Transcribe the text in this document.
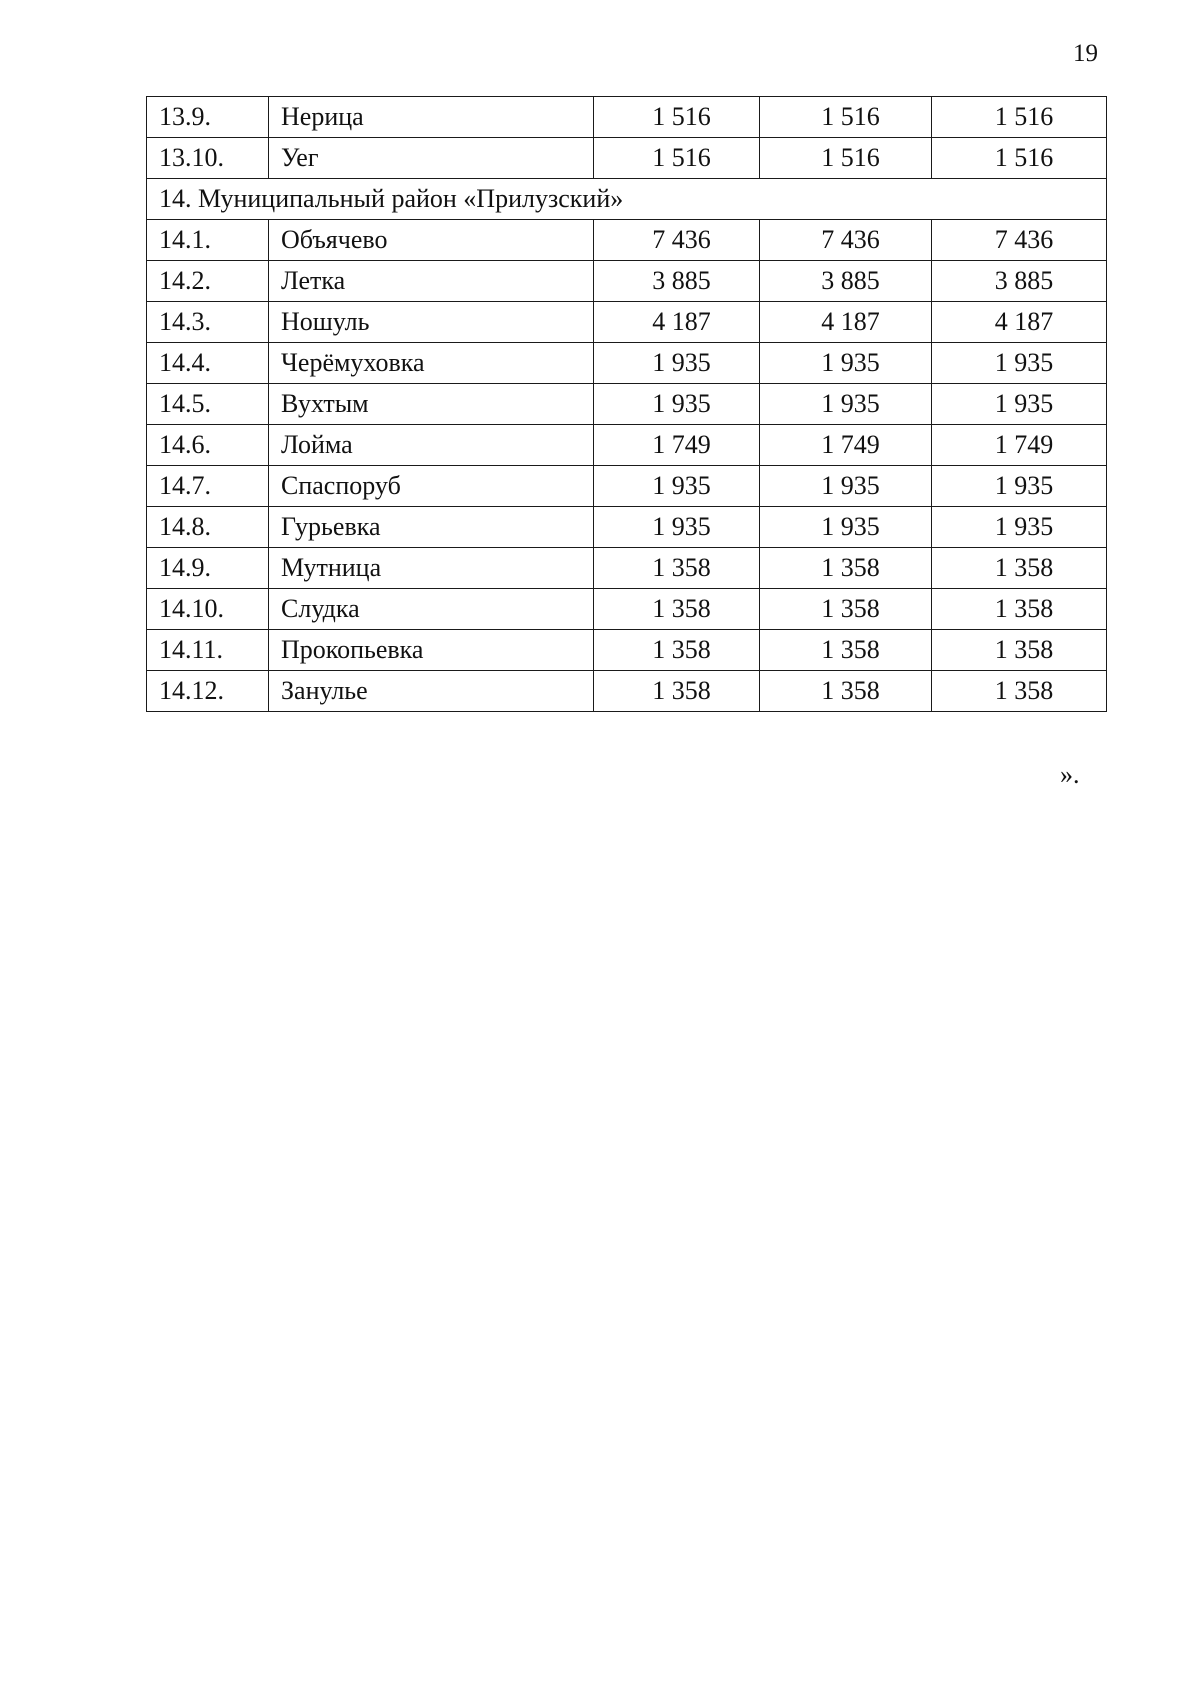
19
13.9.	Нерица	1 516	1 516	1 516
13.10.	Уег	1 516	1 516	1 516
14. Муниципальный район «Прилузский»				
14.1.	Объячево	7 436	7 436	7 436
14.2.	Летка	3 885	3 885	3 885
14.3.	Ношуль	4 187	4 187	4 187
14.4.	Черёмуховка	1 935	1 935	1 935
14.5.	Вухтым	1 935	1 935	1 935
14.6.	Лойма	1 749	1 749	1 749
14.7.	Спаспоруб	1 935	1 935	1 935
14.8.	Гурьевка	1 935	1 935	1 935
14.9.	Мутница	1 358	1 358	1 358
14.10.	Слудка	1 358	1 358	1 358
14.11.	Прокопьевка	1 358	1 358	1 358
14.12.	Занулье	1 358	1 358	1 358
».
